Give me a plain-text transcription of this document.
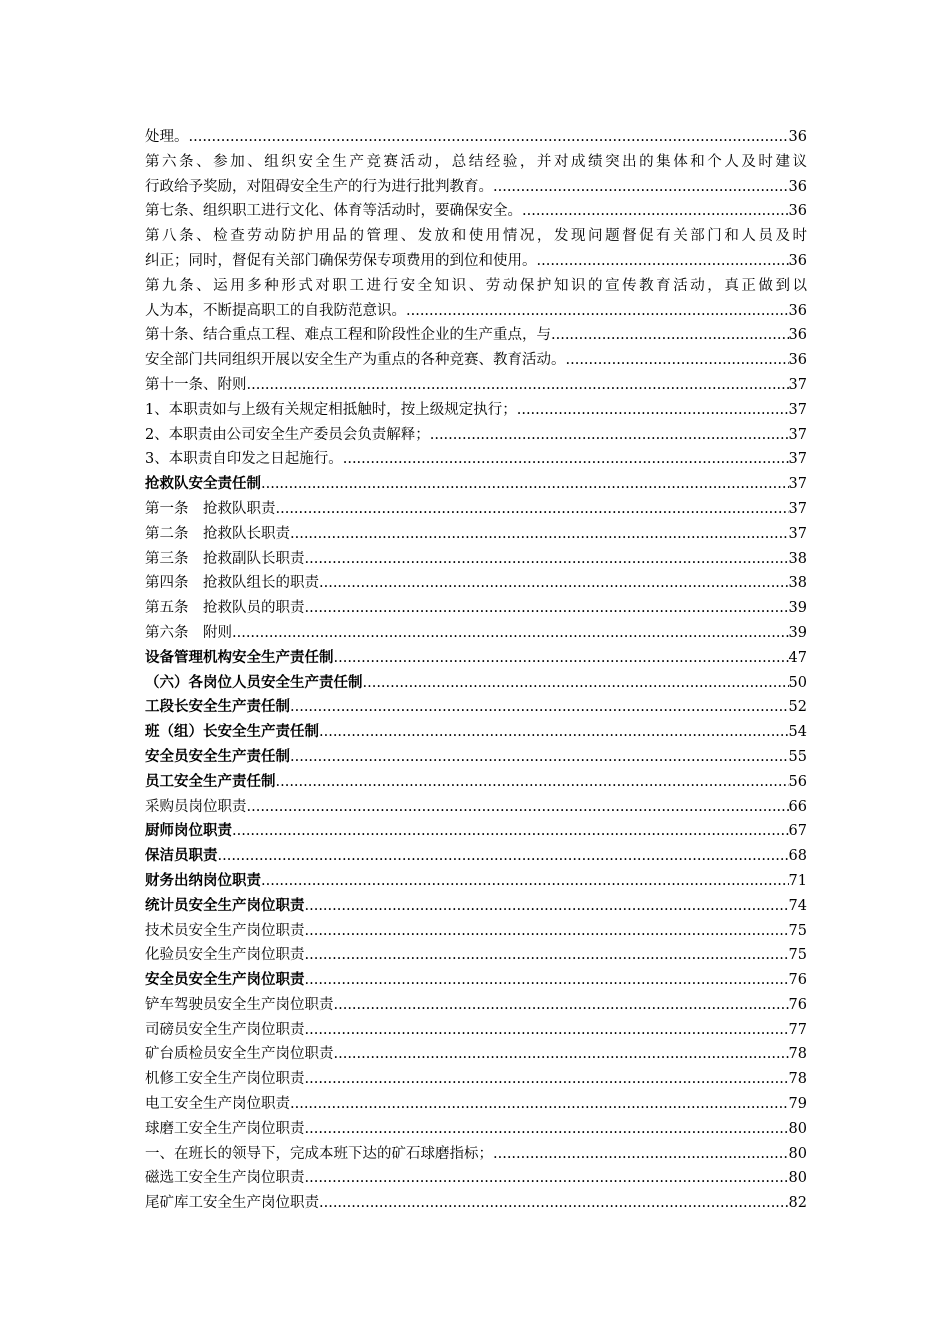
处理。 .....	36
第六条、参加、组织安全生产竞赛活动，总结经验，并对成绩突出的集体和个人及时建议
行政给予奖励，对阻碍安全生产的行为进行批判教育。 .....	36
第七条、组织职工进行文化、体育等活动时，要确保安全。 .....	36
第八条、检查劳动防护用品的管理、发放和使用情况，发现问题督促有关部门和人员及时
纠正；同时，督促有关部门确保劳保专项费用的到位和使用。 .....	36
第九条、运用多种形式对职工进行安全知识、劳动保护知识的宣传教育活动，真正做到以
人为本，不断提高职工的自我防范意识。 .....	36
第十条、结合重点工程、难点工程和阶段性企业的生产重点，与 .....	36
安全部门共同组织开展以安全生产为重点的各种竞赛、教育活动。 .....	36
第十一条、附则 .....	37
1、本职责如与上级有关规定相抵触时，按上级规定执行； .....	37
2、本职责由公司安全生产委员会负责解释； .....	37
3、本职责自印发之日起施行。 .....	37
抢救队安全责任制 .....	37
第一条　抢救队职责 .....	37
第二条　抢救队长职责 .....	37
第三条　抢救副队长职责 .....	38
第四条　抢救队组长的职责 .....	38
第五条　抢救队员的职责 .....	39
第六条　附则 .....	39
设备管理机构安全生产责任制 .....	47
（六）各岗位人员安全生产责任制 .....	50
工段长安全生产责任制 .....	52
班（组）长安全生产责任制 .....	54
安全员安全生产责任制 .....	55
员工安全生产责任制 .....	56
采购员岗位职责 .....	66
厨师岗位职责 .....	67
保洁员职责 .....	68
财务出纳岗位职责 .....	71
统计员安全生产岗位职责 .....	74
技术员安全生产岗位职责 .....	75
化验员安全生产岗位职责 .....	75
安全员安全生产岗位职责 .....	76
铲车驾驶员安全生产岗位职责 .....	76
司磅员安全生产岗位职责 .....	77
矿台质检员安全生产岗位职责 .....	78
机修工安全生产岗位职责 .....	78
电工安全生产岗位职责 .....	79
球磨工安全生产岗位职责 .....	80
一、在班长的领导下，完成本班下达的矿石球磨指标； .....	80
磁选工安全生产岗位职责 .....	80
尾矿库工安全生产岗位职责 .....	82
